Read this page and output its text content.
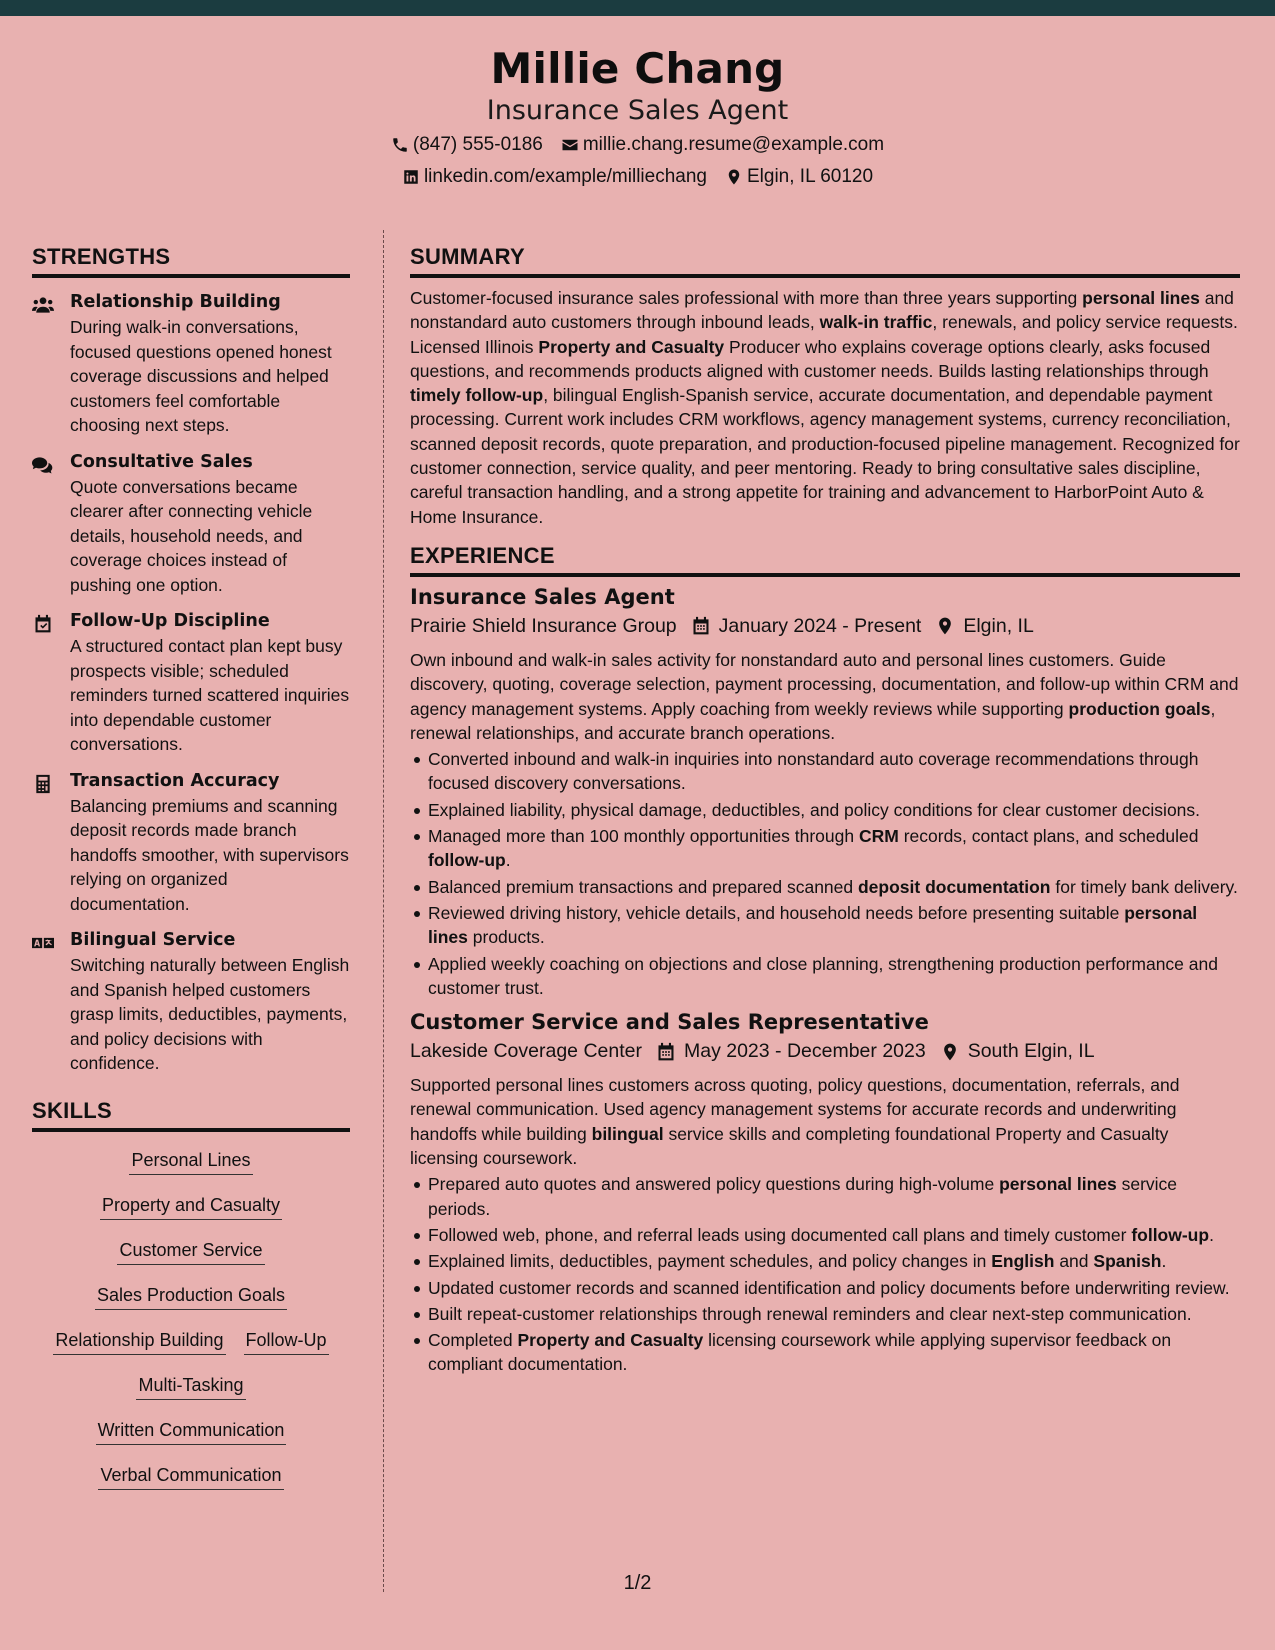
Millie Chang
Insurance Sales Agent
(847) 555-0186 millie.chang.resume@example.com
linkedin.com/example/milliechang Elgin, IL 60120
STRENGTHS
Relationship Building
During walk-in conversations, focused questions opened honest coverage discussions and helped customers feel comfortable choosing next steps.
Consultative Sales
Quote conversations became clearer after connecting vehicle details, household needs, and coverage choices instead of pushing one option.
Follow-Up Discipline
A structured contact plan kept busy prospects visible; scheduled reminders turned scattered inquiries into dependable customer conversations.
Transaction Accuracy
Balancing premiums and scanning deposit records made branch handoffs smoother, with supervisors relying on organized documentation.
Bilingual Service
Switching naturally between English and Spanish helped customers grasp limits, deductibles, payments, and policy decisions with confidence.
SKILLS
Personal Lines
Property and Casualty
Customer Service
Sales Production Goals
Relationship Building Follow-Up
Multi-Tasking
Written Communication
Verbal Communication
SUMMARY
Customer-focused insurance sales professional with more than three years supporting personal lines and nonstandard auto customers through inbound leads, walk-in traffic, renewals, and policy service requests. Licensed Illinois Property and Casualty Producer who explains coverage options clearly, asks focused questions, and recommends products aligned with customer needs. Builds lasting relationships through timely follow-up, bilingual English-Spanish service, accurate documentation, and dependable payment processing. Current work includes CRM workflows, agency management systems, currency reconciliation, scanned deposit records, quote preparation, and production-focused pipeline management. Recognized for customer connection, service quality, and peer mentoring. Ready to bring consultative sales discipline, careful transaction handling, and a strong appetite for training and advancement to HarborPoint Auto & Home Insurance.
EXPERIENCE
Insurance Sales Agent
Prairie Shield Insurance Group January 2024 - Present Elgin, IL
Own inbound and walk-in sales activity for nonstandard auto and personal lines customers. Guide discovery, quoting, coverage selection, payment processing, documentation, and follow-up within CRM and agency management systems. Apply coaching from weekly reviews while supporting production goals, renewal relationships, and accurate branch operations.
Converted inbound and walk-in inquiries into nonstandard auto coverage recommendations through focused discovery conversations.
Explained liability, physical damage, deductibles, and policy conditions for clear customer decisions.
Managed more than 100 monthly opportunities through CRM records, contact plans, and scheduled follow-up.
Balanced premium transactions and prepared scanned deposit documentation for timely bank delivery.
Reviewed driving history, vehicle details, and household needs before presenting suitable personal lines products.
Applied weekly coaching on objections and close planning, strengthening production performance and customer trust.
Customer Service and Sales Representative
Lakeside Coverage Center May 2023 - December 2023 South Elgin, IL
Supported personal lines customers across quoting, policy questions, documentation, referrals, and renewal communication. Used agency management systems for accurate records and underwriting handoffs while building bilingual service skills and completing foundational Property and Casualty licensing coursework.
Prepared auto quotes and answered policy questions during high-volume personal lines service periods.
Followed web, phone, and referral leads using documented call plans and timely customer follow-up.
Explained limits, deductibles, payment schedules, and policy changes in English and Spanish.
Updated customer records and scanned identification and policy documents before underwriting review.
Built repeat-customer relationships through renewal reminders and clear next-step communication.
Completed Property and Casualty licensing coursework while applying supervisor feedback on compliant documentation.
1/2
